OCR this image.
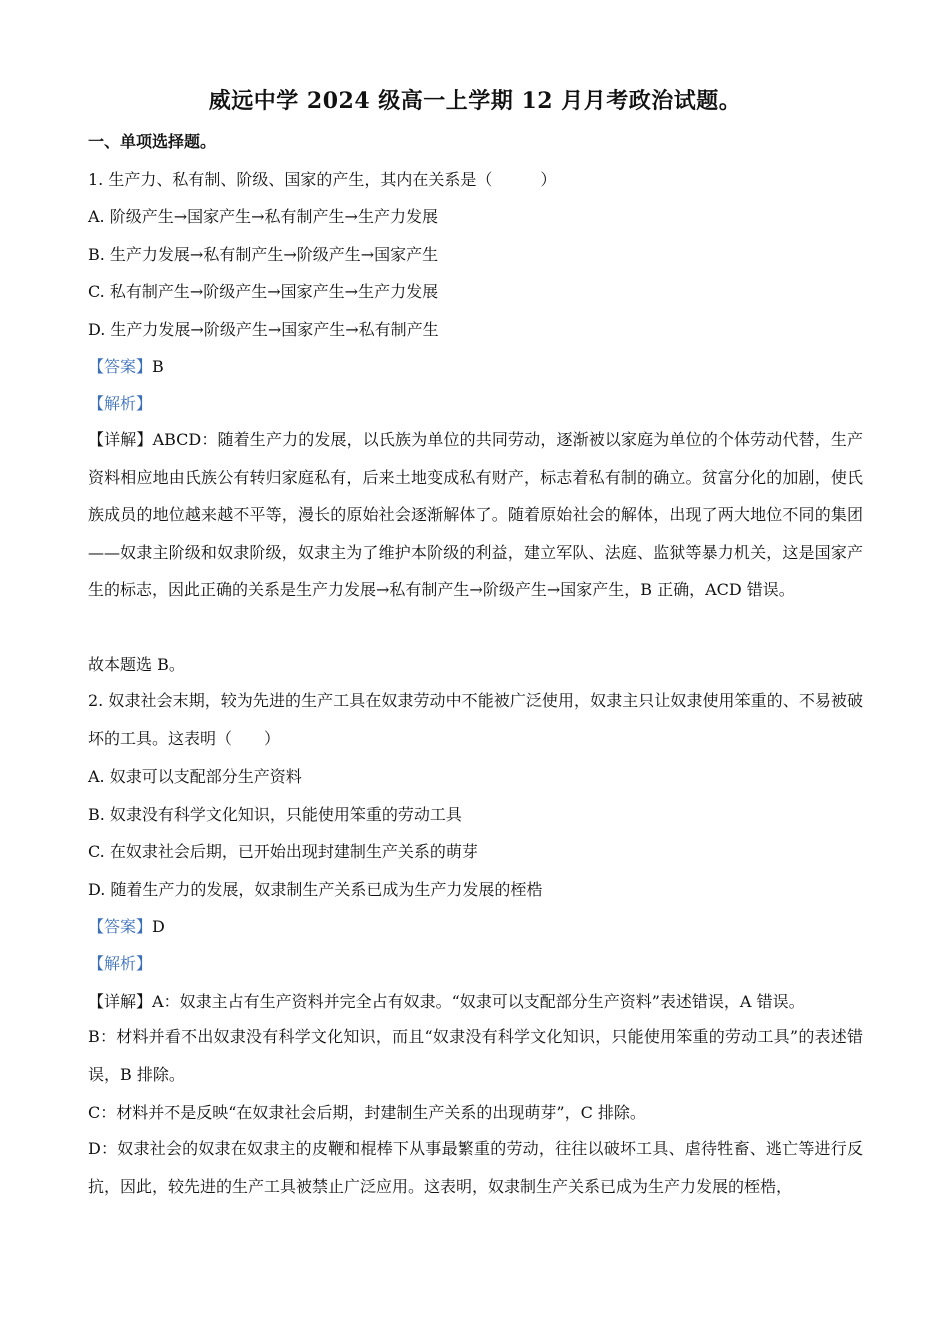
威远中学 2024 级高一上学期 12 月月考政治试题。
一、单项选择题。
1. 生产力、私有制、阶级、国家的产生，其内在关系是（　　　）
A. 阶级产生→国家产生→私有制产生→生产力发展
B. 生产力发展→私有制产生→阶级产生→国家产生
C. 私有制产生→阶级产生→国家产生→生产力发展
D. 生产力发展→阶级产生→国家产生→私有制产生
【答案】B
【解析】
【详解】ABCD：随着生产力的发展，以氏族为单位的共同劳动，逐渐被以家庭为单位的个体劳动代替，生产资料相应地由氏族公有转归家庭私有，后来土地变成私有财产，标志着私有制的确立。贫富分化的加剧，使氏族成员的地位越来越不平等，漫长的原始社会逐渐解体了。随着原始社会的解体，出现了两大地位不同的集团——奴隶主阶级和奴隶阶级，奴隶主为了维护本阶级的利益，建立军队、法庭、监狱等暴力机关，这是国家产生的标志，因此正确的关系是生产力发展→私有制产生→阶级产生→国家产生，B 正确，ACD 错误。
故本题选 B。
2. 奴隶社会末期，较为先进的生产工具在奴隶劳动中不能被广泛使用，奴隶主只让奴隶使用笨重的、不易被破坏的工具。这表明（　　）
A. 奴隶可以支配部分生产资料
B. 奴隶没有科学文化知识，只能使用笨重的劳动工具
C. 在奴隶社会后期，已开始出现封建制生产关系的萌芽
D. 随着生产力的发展，奴隶制生产关系已成为生产力发展的桎梏
【答案】D
【解析】
【详解】A：奴隶主占有生产资料并完全占有奴隶。“奴隶可以支配部分生产资料”表述错误，A 错误。
B：材料并看不出奴隶没有科学文化知识，而且“奴隶没有科学文化知识，只能使用笨重的劳动工具”的表述错误，B 排除。
C：材料并不是反映“在奴隶社会后期，封建制生产关系的出现萌芽”，C 排除。
D：奴隶社会的奴隶在奴隶主的皮鞭和棍棒下从事最繁重的劳动，往往以破坏工具、虐待牲畜、逃亡等进行反抗，因此，较先进的生产工具被禁止广泛应用。这表明，奴隶制生产关系已成为生产力发展的桎梏，
